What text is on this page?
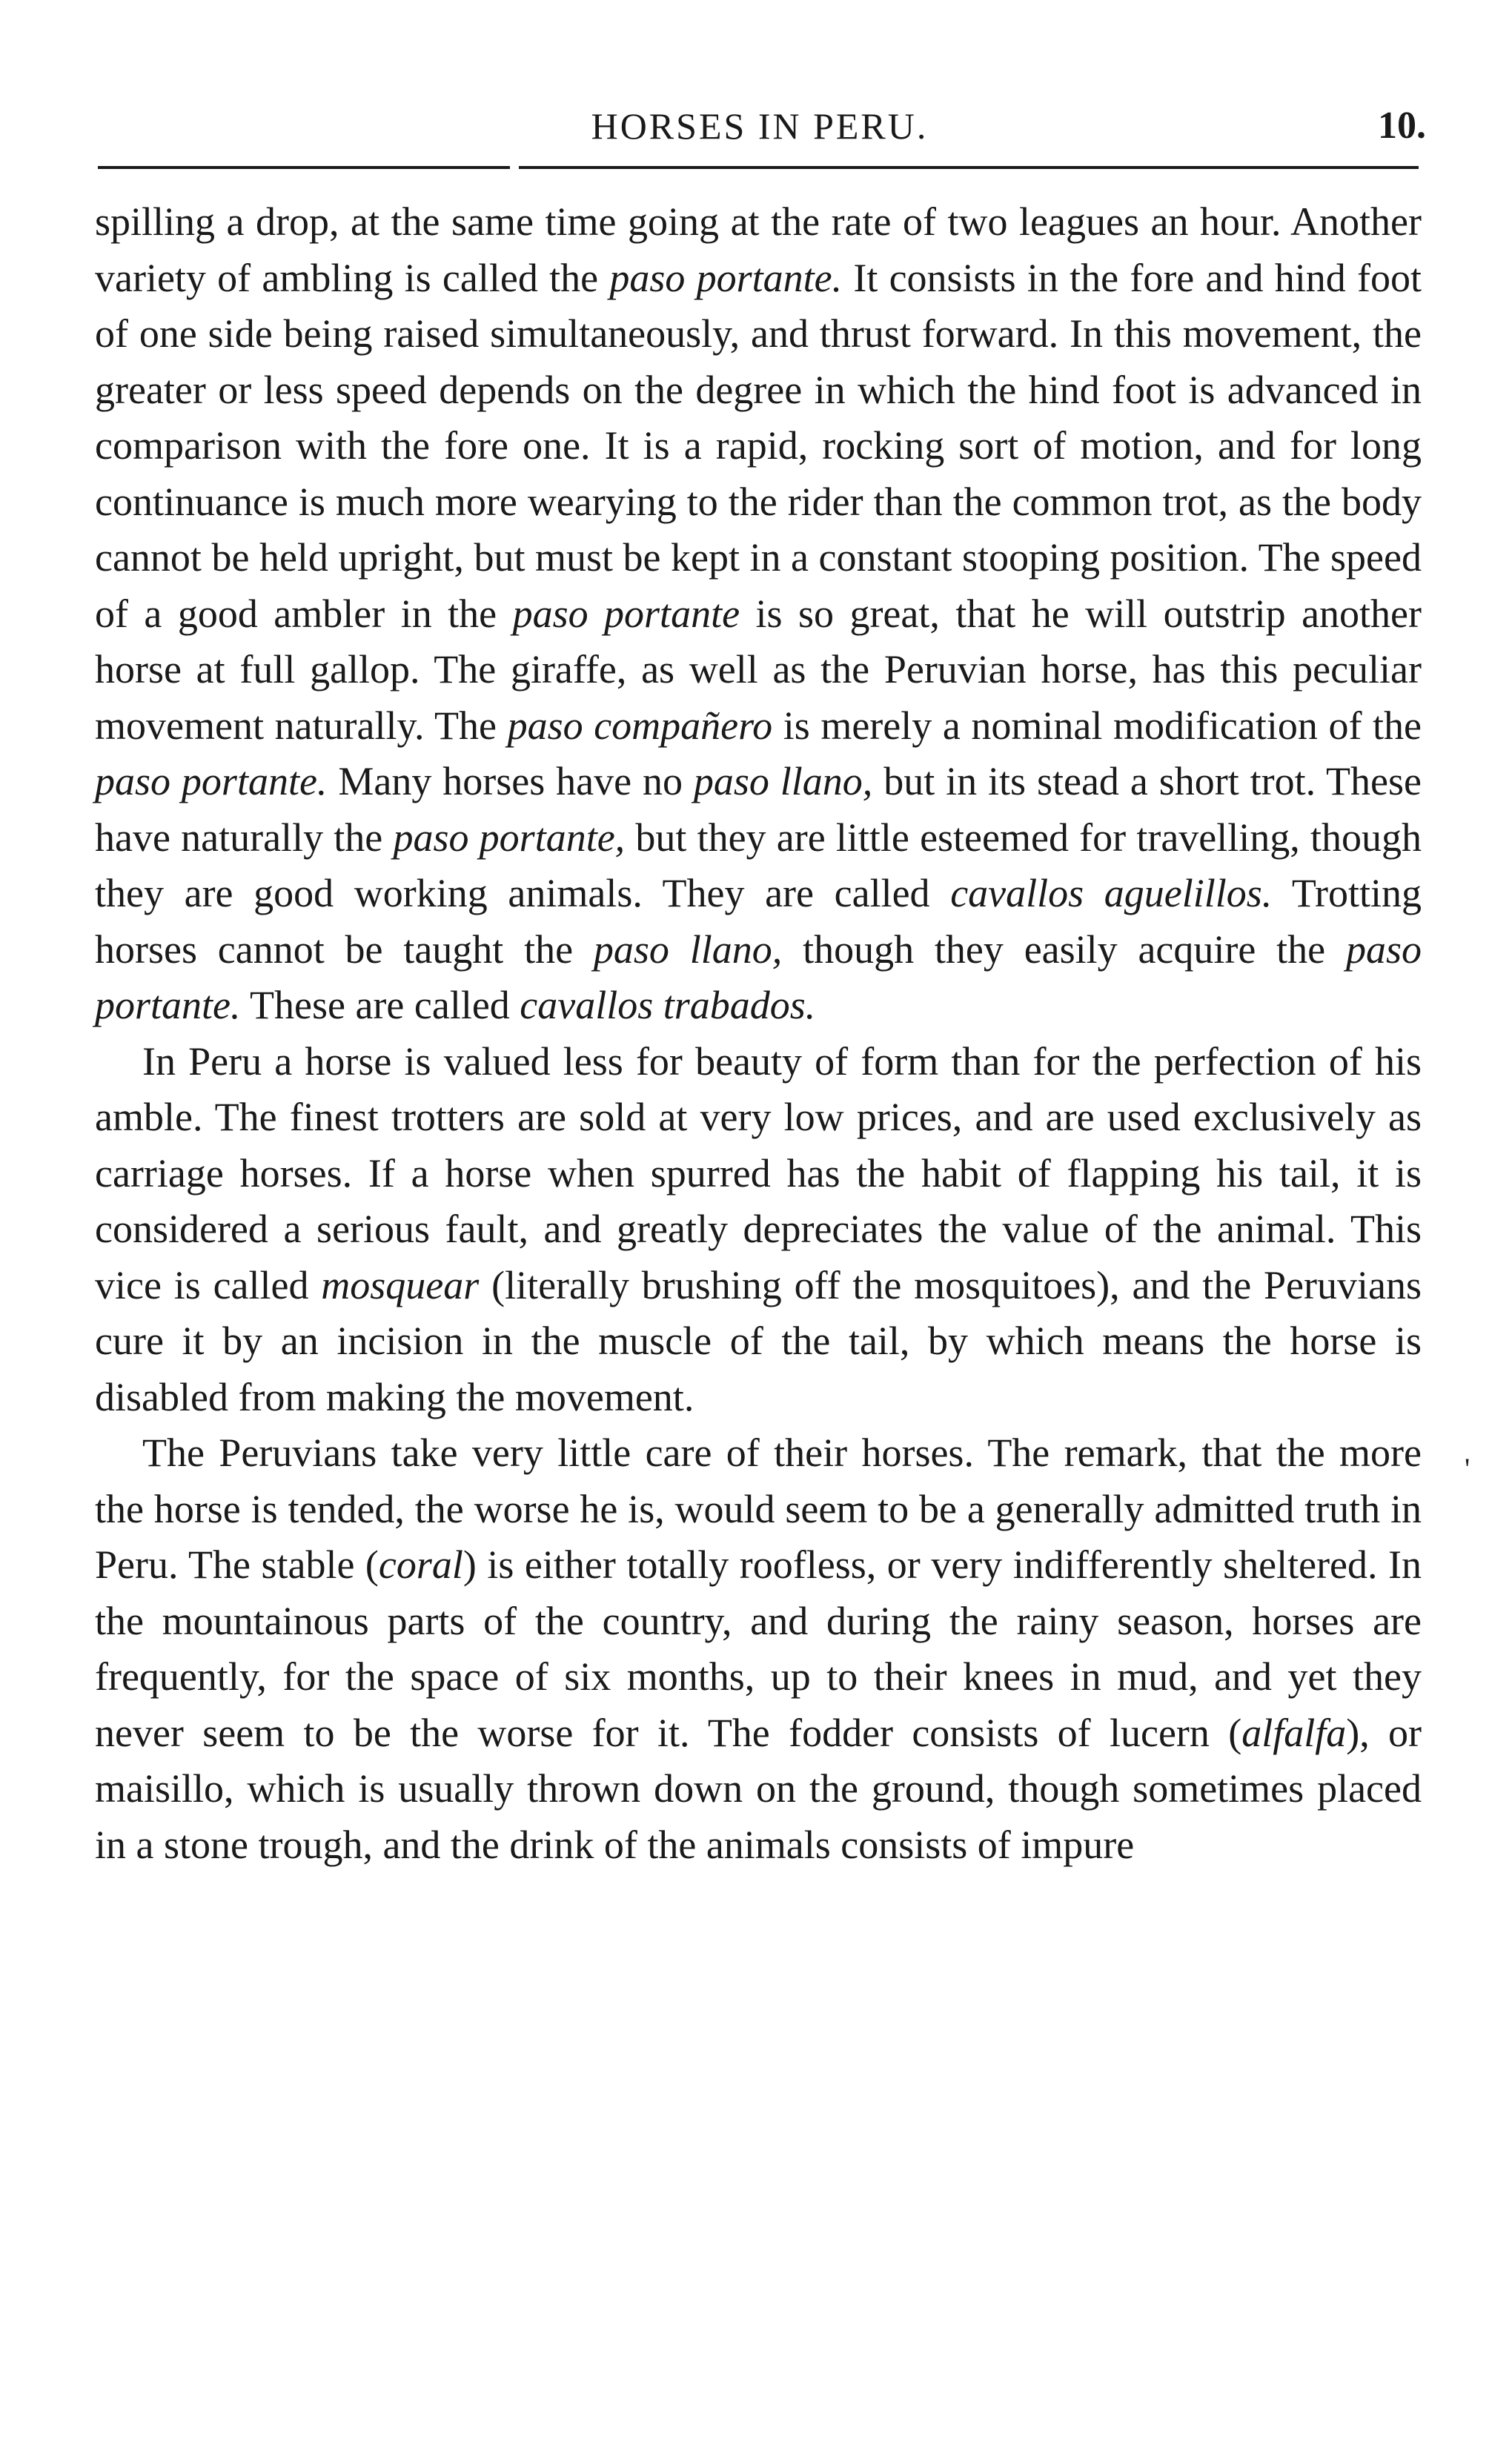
HORSES IN PERU.	10.

spilling a drop, at the same time going at the rate of two leagues an hour. Another variety of ambling is called the paso portante. It consists in the fore and hind foot of one side being raised simultaneously, and thrust forward. In this movement, the greater or less speed depends on the degree in which the hind foot is advanced in comparison with the fore one. It is a rapid, rocking sort of motion, and for long continuance is much more wearying to the rider than the common trot, as the body cannot be held upright, but must be kept in a constant stooping position. The speed of a good ambler in the paso portante is so great, that he will outstrip another horse at full gallop. The giraffe, as well as the Peruvian horse, has this peculiar movement naturally. The paso compañero is merely a nominal modification of the paso portante. Many horses have no paso llano, but in its stead a short trot. These have naturally the paso portante, but they are little esteemed for travelling, though they are good working animals. They are called cavallos aguelillos. Trotting horses cannot be taught the paso llano, though they easily acquire the paso portante. These are called cavallos trabados.

In Peru a horse is valued less for beauty of form than for the perfection of his amble. The finest trotters are sold at very low prices, and are used exclusively as carriage horses. If a horse when spurred has the habit of flapping his tail, it is considered a serious fault, and greatly depreciates the value of the animal. This vice is called mosquear (literally brushing off the mosquitoes), and the Peruvians cure it by an incision in the muscle of the tail, by which means the horse is disabled from making the movement.

The Peruvians take very little care of their horses. The remark, that the more the horse is tended, the worse he is, would seem to be a generally admitted truth in Peru. The stable (coral) is either totally roofless, or very indifferently sheltered. In the mountainous parts of the country, and during the rainy season, horses are frequently, for the space of six months, up to their knees in mud, and yet they never seem to be the worse for it. The fodder consists of lucern (alfalfa), or maisillo, which is usually thrown down on the ground, though sometimes placed in a stone trough, and the drink of the animals consists of impure

'
